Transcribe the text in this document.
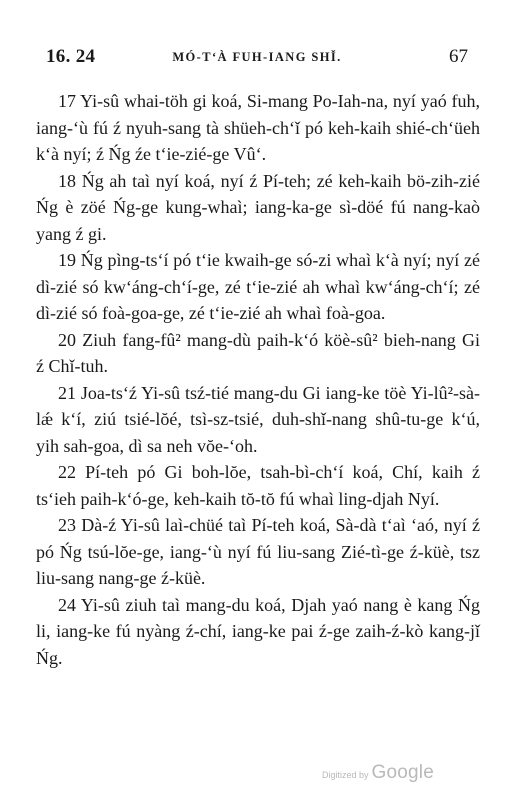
16. 24	MÓ-T‘À FUH-IANG SHǏ.	67

17 Yi-sû whai-töh gi koá, Si-mang Po-Iah-na, nyí yaó fuh, iang-‘ù fú ź nyuh-sang tà shüeh-ch‘ǐ pó keh-kaih shié-ch‘üeh k‘à nyí; ź Ńg źe t‘ie-zié-ge Vû‘.

18 Ńg ah taì nyí koá, nyí ź Pí-teh; zé keh-kaih bö-zih-zié Ńg è zöé Ńg-ge kung-whaì; iang-ka-ge sì-döé fú nang-kaò yang ź gi.

19 Ńg pìng-ts‘í pó t‘ie kwaih-ge só-zi whaì k‘à nyí; nyí zé dì-zié só kw‘áng-ch‘í-ge, zé t‘ie-zié ah whaì kw‘áng-ch‘í; zé dì-zié só foà-goa-ge, zé t‘ie-zié ah whaì foà-goa.

20 Ziuh fang-fû² mang-dù paih-k‘ó köè-sû² bieh-nang Gi ź Chǐ-tuh.

21 Joa-ts‘ź Yi-sû tsź-tié mang-du Gi iang-ke töè Yi-lû²-sà-lǽ k‘í, ziú tsié-lŏé, tsì-sz-tsié, duh-shǐ-nang shû-tu-ge k‘ú, yih sah-goa, dì sa neh vŏe-‘oh.

22 Pí-teh pó Gi boh-lŏe, tsah-bì-ch‘í koá, Chí, kaih ź ts‘ieh paih-k‘ó-ge, keh-kaih tŏ-tŏ fú whaì ling-djah Nyí.

23 Dà-ź Yi-sû laì-chüé taì Pí-teh koá, Sà-dà t‘aì ‘aó, nyí ź pó Ńg tsú-lŏe-ge, iang-‘ù nyí fú liu-sang Zié-tì-ge ź-küè, tsz liu-sang nang-ge ź-küè.

24 Yi-sû ziuh taì mang-du koá, Djah yaó nang è kang Ńg li, iang-ke fú nyàng ź-chí, iang-ke pai ź-ge zaih-ź-kò kang-jǐ Ńg.

Digitized by Google
